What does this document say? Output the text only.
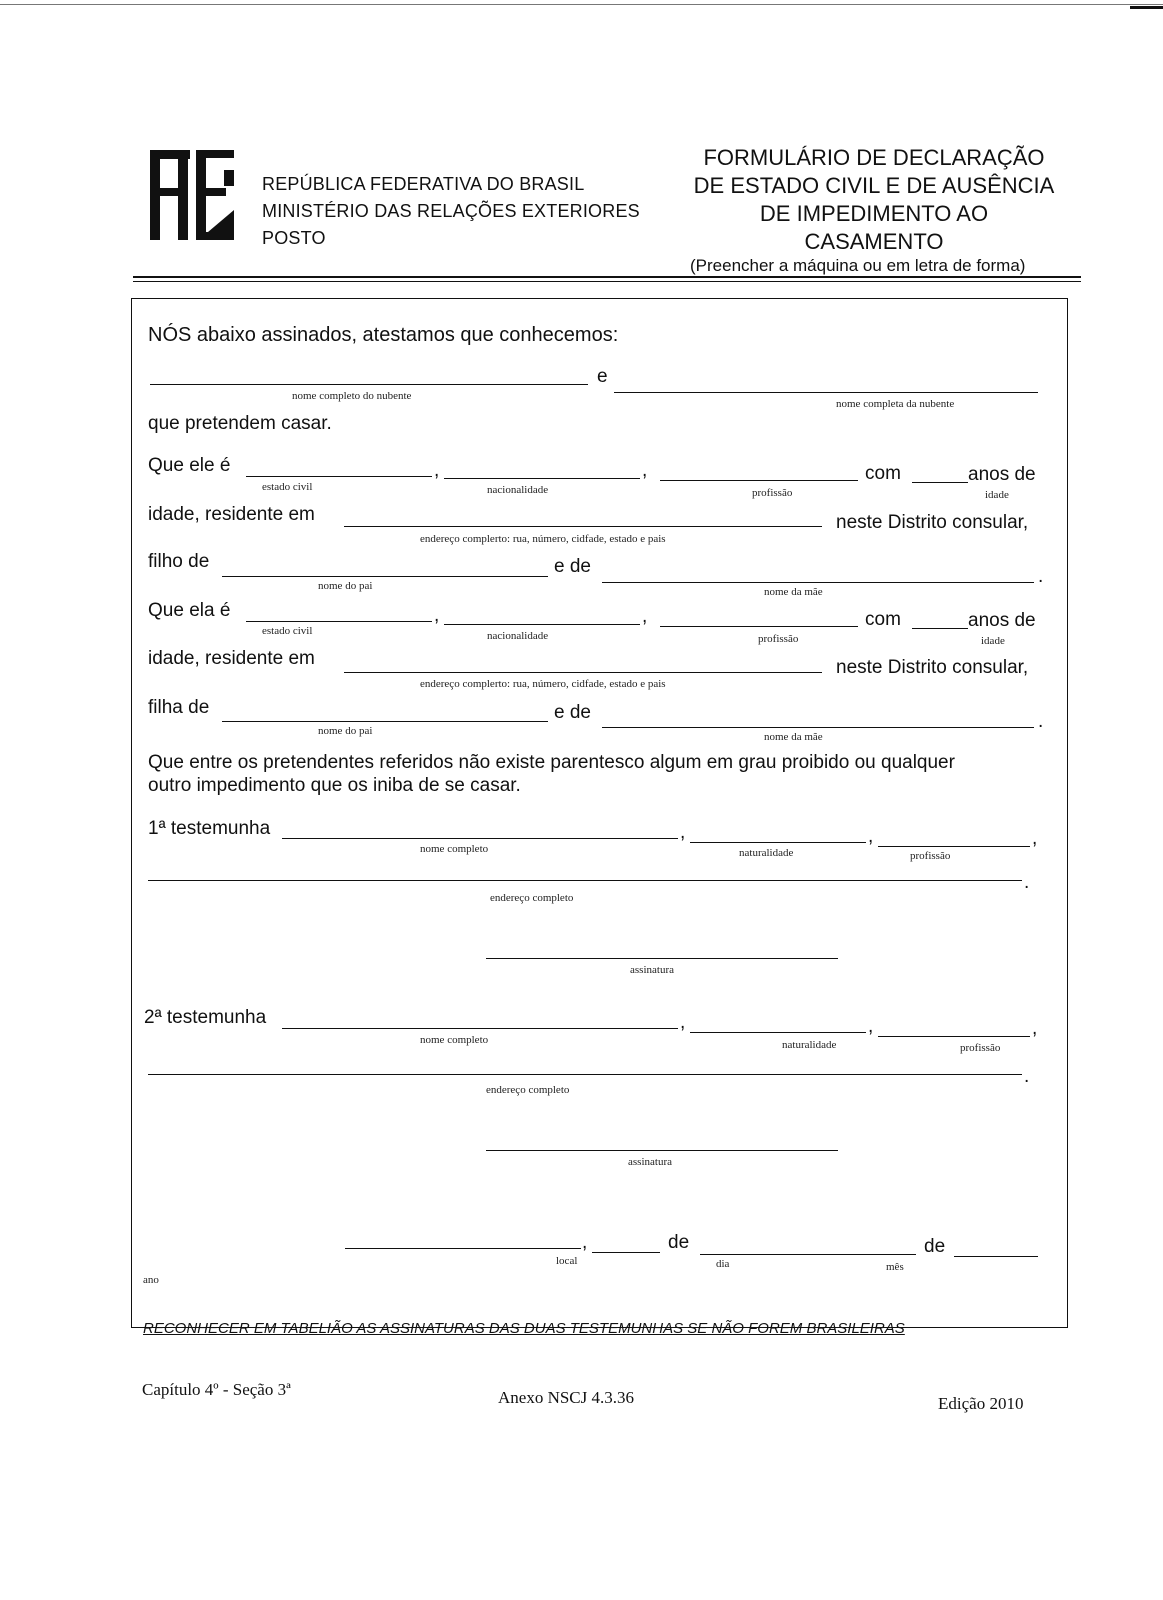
REPÚBLICA FEDERATIVA DO BRASIL
MINISTÉRIO DAS RELAÇÕES EXTERIORES
POSTO
FORMULÁRIO DE DECLARAÇÃO
DE ESTADO CIVIL E DE AUSÊNCIA
DE IMPEDIMENTO AO
CASAMENTO
(Preencher a máquina ou em letra de forma)
NÓS abaixo assinados, atestamos que conhecemos:
e
nome completo do nubente
nome completa da nubente
que pretendem casar.
Que ele é	,	,	com	anos de
estado civil	nacionalidade	profissão	idade
idade, residente em	neste Distrito consular,
endereço complerto: rua, número, cidfade, estado e pais
filho de	e de	.
nome do pai	nome da mãe
Que ela é	,	,	com	anos de
estado civil	nacionalidade	profissão	idade
idade, residente em	neste Distrito consular,
endereço complerto: rua, número, cidfade, estado e pais
filha de	e de	.
nome do pai	nome da mãe
Que entre os pretendentes referidos não existe parentesco algum em grau proibido ou qualquer
outro impedimento que os iniba de se casar.
1ª testemunha	,	,	,
nome completo	naturalidade	profissão
.
endereço completo
assinatura
2ª testemunha	,	,	,
nome completo	naturalidade	profissão
.
endereço completo
assinatura
,	de	de
local	dia	mês
ano
RECONHECER EM TABELIÃO AS ASSINATURAS DAS DUAS TESTEMUNHAS SE NÃO FOREM BRASILEIRAS
Capítulo 4º - Seção 3ª	Anexo NSCJ 4.3.36	Edição 2010
